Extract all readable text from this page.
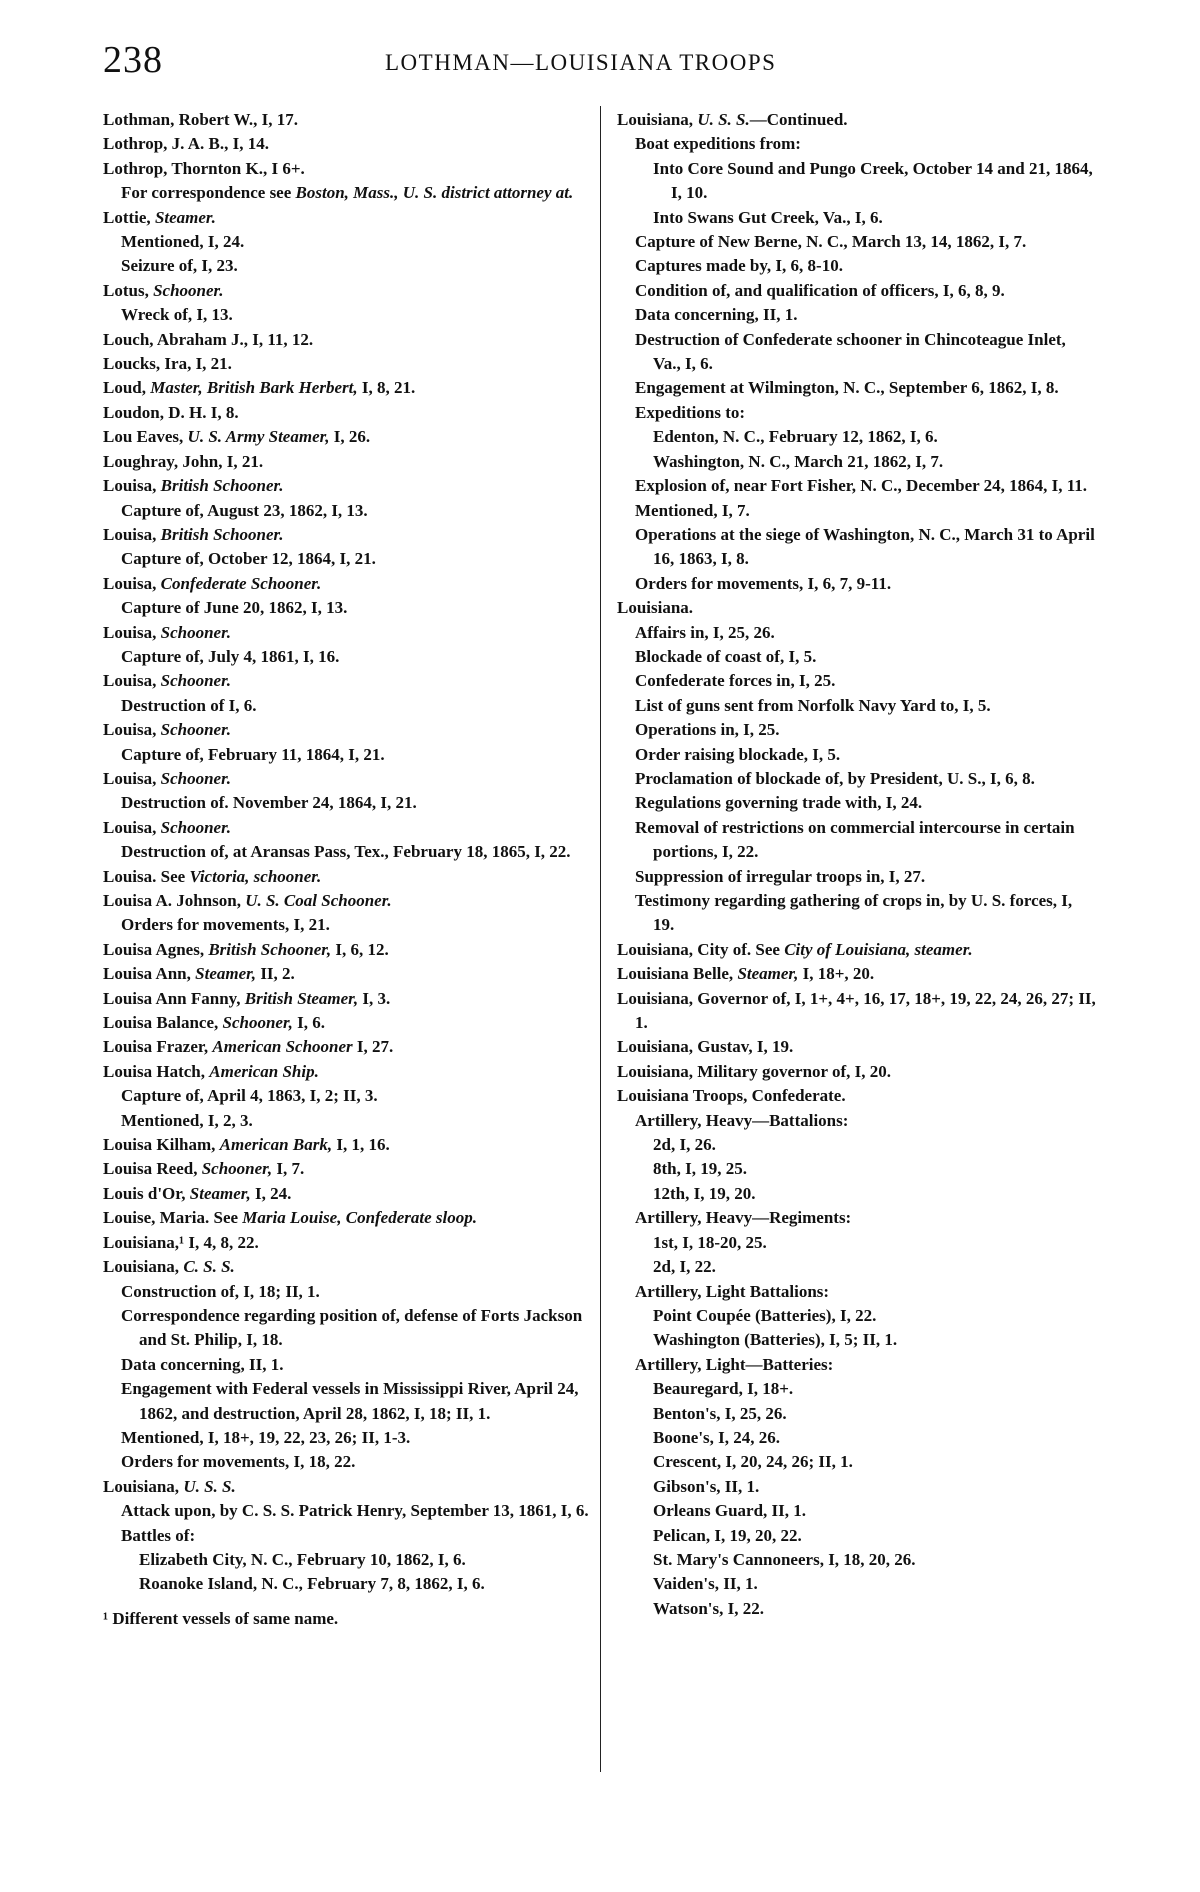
238	LOTHMAN—LOUISIANA TROOPS
Lothman, Robert W., I, 17.
Lothrop, J. A. B., I, 14.
Lothrop, Thornton K., I 6+.
For correspondence see Boston, Mass., U. S. district attorney at.
Lottie, Steamer.
Mentioned, I, 24.
Seizure of, I, 23.
Lotus, Schooner.
Wreck of, I, 13.
Louch, Abraham J., I, 11, 12.
Loucks, Ira, I, 21.
Loud, Master, British Bark Herbert, I, 8, 21.
Loudon, D. H. I, 8.
Lou Eaves, U. S. Army Steamer, I, 26.
Loughray, John, I, 21.
Louisa, British Schooner.
Capture of, August 23, 1862, I, 13.
Louisa, British Schooner.
Capture of, October 12, 1864, I, 21.
Louisa, Confederate Schooner.
Capture of June 20, 1862, I, 13.
Louisa, Schooner.
Capture of, July 4, 1861, I, 16.
Louisa, Schooner.
Destruction of I, 6.
Louisa, Schooner.
Capture of, February 11, 1864, I, 21.
Louisa, Schooner.
Destruction of. November 24, 1864, I, 21.
Louisa, Schooner.
Destruction of, at Aransas Pass, Tex., February 18, 1865, I, 22.
Louisa. See Victoria, schooner.
Louisa A. Johnson, U. S. Coal Schooner.
Orders for movements, I, 21.
Louisa Agnes, British Schooner, I, 6, 12.
Louisa Ann, Steamer, II, 2.
Louisa Ann Fanny, British Steamer, I, 3.
Louisa Balance, Schooner, I, 6.
Louisa Frazer, American Schooner I, 27.
Louisa Hatch, American Ship.
Capture of, April 4, 1863, I, 2; II, 3.
Mentioned, I, 2, 3.
Louisa Kilham, American Bark, I, 1, 16.
Louisa Reed, Schooner, I, 7.
Louis d'Or, Steamer, I, 24.
Louise, Maria. See Maria Louise, Confederate sloop.
Louisiana,¹ I, 4, 8, 22.
Louisiana, C. S. S.
Construction of, I, 18; II, 1.
Correspondence regarding position of, defense of Forts Jackson and St. Philip, I, 18.
Data concerning, II, 1.
Engagement with Federal vessels in Mississippi River, April 24, 1862, and destruction, April 28, 1862, I, 18; II, 1.
Mentioned, I, 18+, 19, 22, 23, 26; II, 1-3.
Orders for movements, I, 18, 22.
Louisiana, U. S. S.
Attack upon, by C. S. S. Patrick Henry, September 13, 1861, I, 6.
Battles of:
Elizabeth City, N. C., February 10, 1862, I, 6.
Roanoke Island, N. C., February 7, 8, 1862, I, 6.
¹ Different vessels of same name.
Louisiana, U. S. S.—Continued.
Boat expeditions from:
Into Core Sound and Pungo Creek, October 14 and 21, 1864, I, 10.
Into Swans Gut Creek, Va., I, 6.
Capture of New Berne, N. C., March 13, 14, 1862, I, 7.
Captures made by, I, 6, 8-10.
Condition of, and qualification of officers, I, 6, 8, 9.
Data concerning, II, 1.
Destruction of Confederate schooner in Chincoteague Inlet, Va., I, 6.
Engagement at Wilmington, N. C., September 6, 1862, I, 8.
Expeditions to:
Edenton, N. C., February 12, 1862, I, 6.
Washington, N. C., March 21, 1862, I, 7.
Explosion of, near Fort Fisher, N. C., December 24, 1864, I, 11.
Mentioned, I, 7.
Operations at the siege of Washington, N. C., March 31 to April 16, 1863, I, 8.
Orders for movements, I, 6, 7, 9-11.
Louisiana.
Affairs in, I, 25, 26.
Blockade of coast of, I, 5.
Confederate forces in, I, 25.
List of guns sent from Norfolk Navy Yard to, I, 5.
Operations in, I, 25.
Order raising blockade, I, 5.
Proclamation of blockade of, by President, U. S., I, 6, 8.
Regulations governing trade with, I, 24.
Removal of restrictions on commercial intercourse in certain portions, I, 22.
Suppression of irregular troops in, I, 27.
Testimony regarding gathering of crops in, by U. S. forces, I, 19.
Louisiana, City of. See City of Louisiana, steamer.
Louisiana Belle, Steamer, I, 18+, 20.
Louisiana, Governor of, I, 1+, 4+, 16, 17, 18+, 19, 22, 24, 26, 27; II, 1.
Louisiana, Gustav, I, 19.
Louisiana, Military governor of, I, 20.
Louisiana Troops, Confederate.
Artillery, Heavy—Battalions:
2d, I, 26.
8th, I, 19, 25.
12th, I, 19, 20.
Artillery, Heavy—Regiments:
1st, I, 18-20, 25.
2d, I, 22.
Artillery, Light Battalions:
Point Coupée (Batteries), I, 22.
Washington (Batteries), I, 5; II, 1.
Artillery, Light—Batteries:
Beauregard, I, 18+.
Benton's, I, 25, 26.
Boone's, I, 24, 26.
Crescent, I, 20, 24, 26; II, 1.
Gibson's, II, 1.
Orleans Guard, II, 1.
Pelican, I, 19, 20, 22.
St. Mary's Cannoneers, I, 18, 20, 26.
Vaiden's, II, 1.
Watson's, I, 22.
